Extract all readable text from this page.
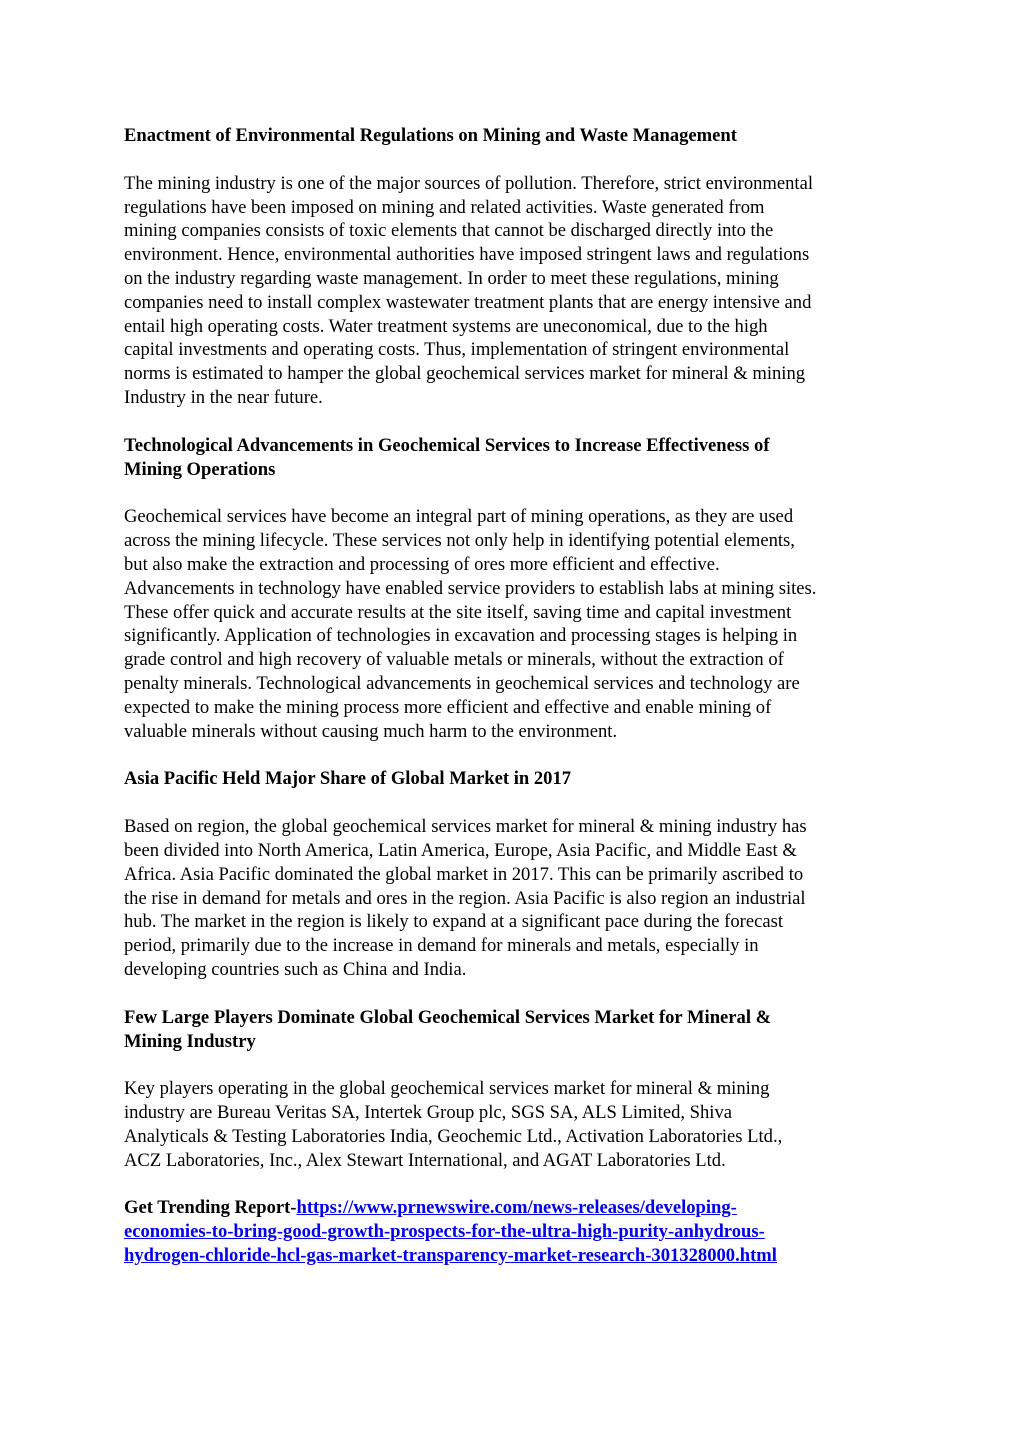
Enactment of Environmental Regulations on Mining and Waste Management
The mining industry is one of the major sources of pollution. Therefore, strict environmental
regulations have been imposed on mining and related activities. Waste generated from
mining companies consists of toxic elements that cannot be discharged directly into the
environment. Hence, environmental authorities have imposed stringent laws and regulations
on the industry regarding waste management. In order to meet these regulations, mining
companies need to install complex wastewater treatment plants that are energy intensive and
entail high operating costs. Water treatment systems are uneconomical, due to the high
capital investments and operating costs. Thus, implementation of stringent environmental
norms is estimated to hamper the global geochemical services market for mineral & mining
Industry in the near future.
Technological Advancements in Geochemical Services to Increase Effectiveness of
Mining Operations
Geochemical services have become an integral part of mining operations, as they are used
across the mining lifecycle. These services not only help in identifying potential elements,
but also make the extraction and processing of ores more efficient and effective.
Advancements in technology have enabled service providers to establish labs at mining sites.
These offer quick and accurate results at the site itself, saving time and capital investment
significantly. Application of technologies in excavation and processing stages is helping in
grade control and high recovery of valuable metals or minerals, without the extraction of
penalty minerals. Technological advancements in geochemical services and technology are
expected to make the mining process more efficient and effective and enable mining of
valuable minerals without causing much harm to the environment.
Asia Pacific Held Major Share of Global Market in 2017
Based on region, the global geochemical services market for mineral & mining industry has
been divided into North America, Latin America, Europe, Asia Pacific, and Middle East &
Africa. Asia Pacific dominated the global market in 2017. This can be primarily ascribed to
the rise in demand for metals and ores in the region. Asia Pacific is also region an industrial
hub. The market in the region is likely to expand at a significant pace during the forecast
period, primarily due to the increase in demand for minerals and metals, especially in
developing countries such as China and India.
Few Large Players Dominate Global Geochemical Services Market for Mineral &
Mining Industry
Key players operating in the global geochemical services market for mineral & mining
industry are Bureau Veritas SA, Intertek Group plc, SGS SA, ALS Limited, Shiva
Analyticals & Testing Laboratories India, Geochemic Ltd., Activation Laboratories Ltd.,
ACZ Laboratories, Inc., Alex Stewart International, and AGAT Laboratories Ltd.
Get Trending Report-https://www.prnewswire.com/news-releases/developing-
economies-to-bring-good-growth-prospects-for-the-ultra-high-purity-anhydrous-
hydrogen-chloride-hcl-gas-market-transparency-market-research-301328000.html
